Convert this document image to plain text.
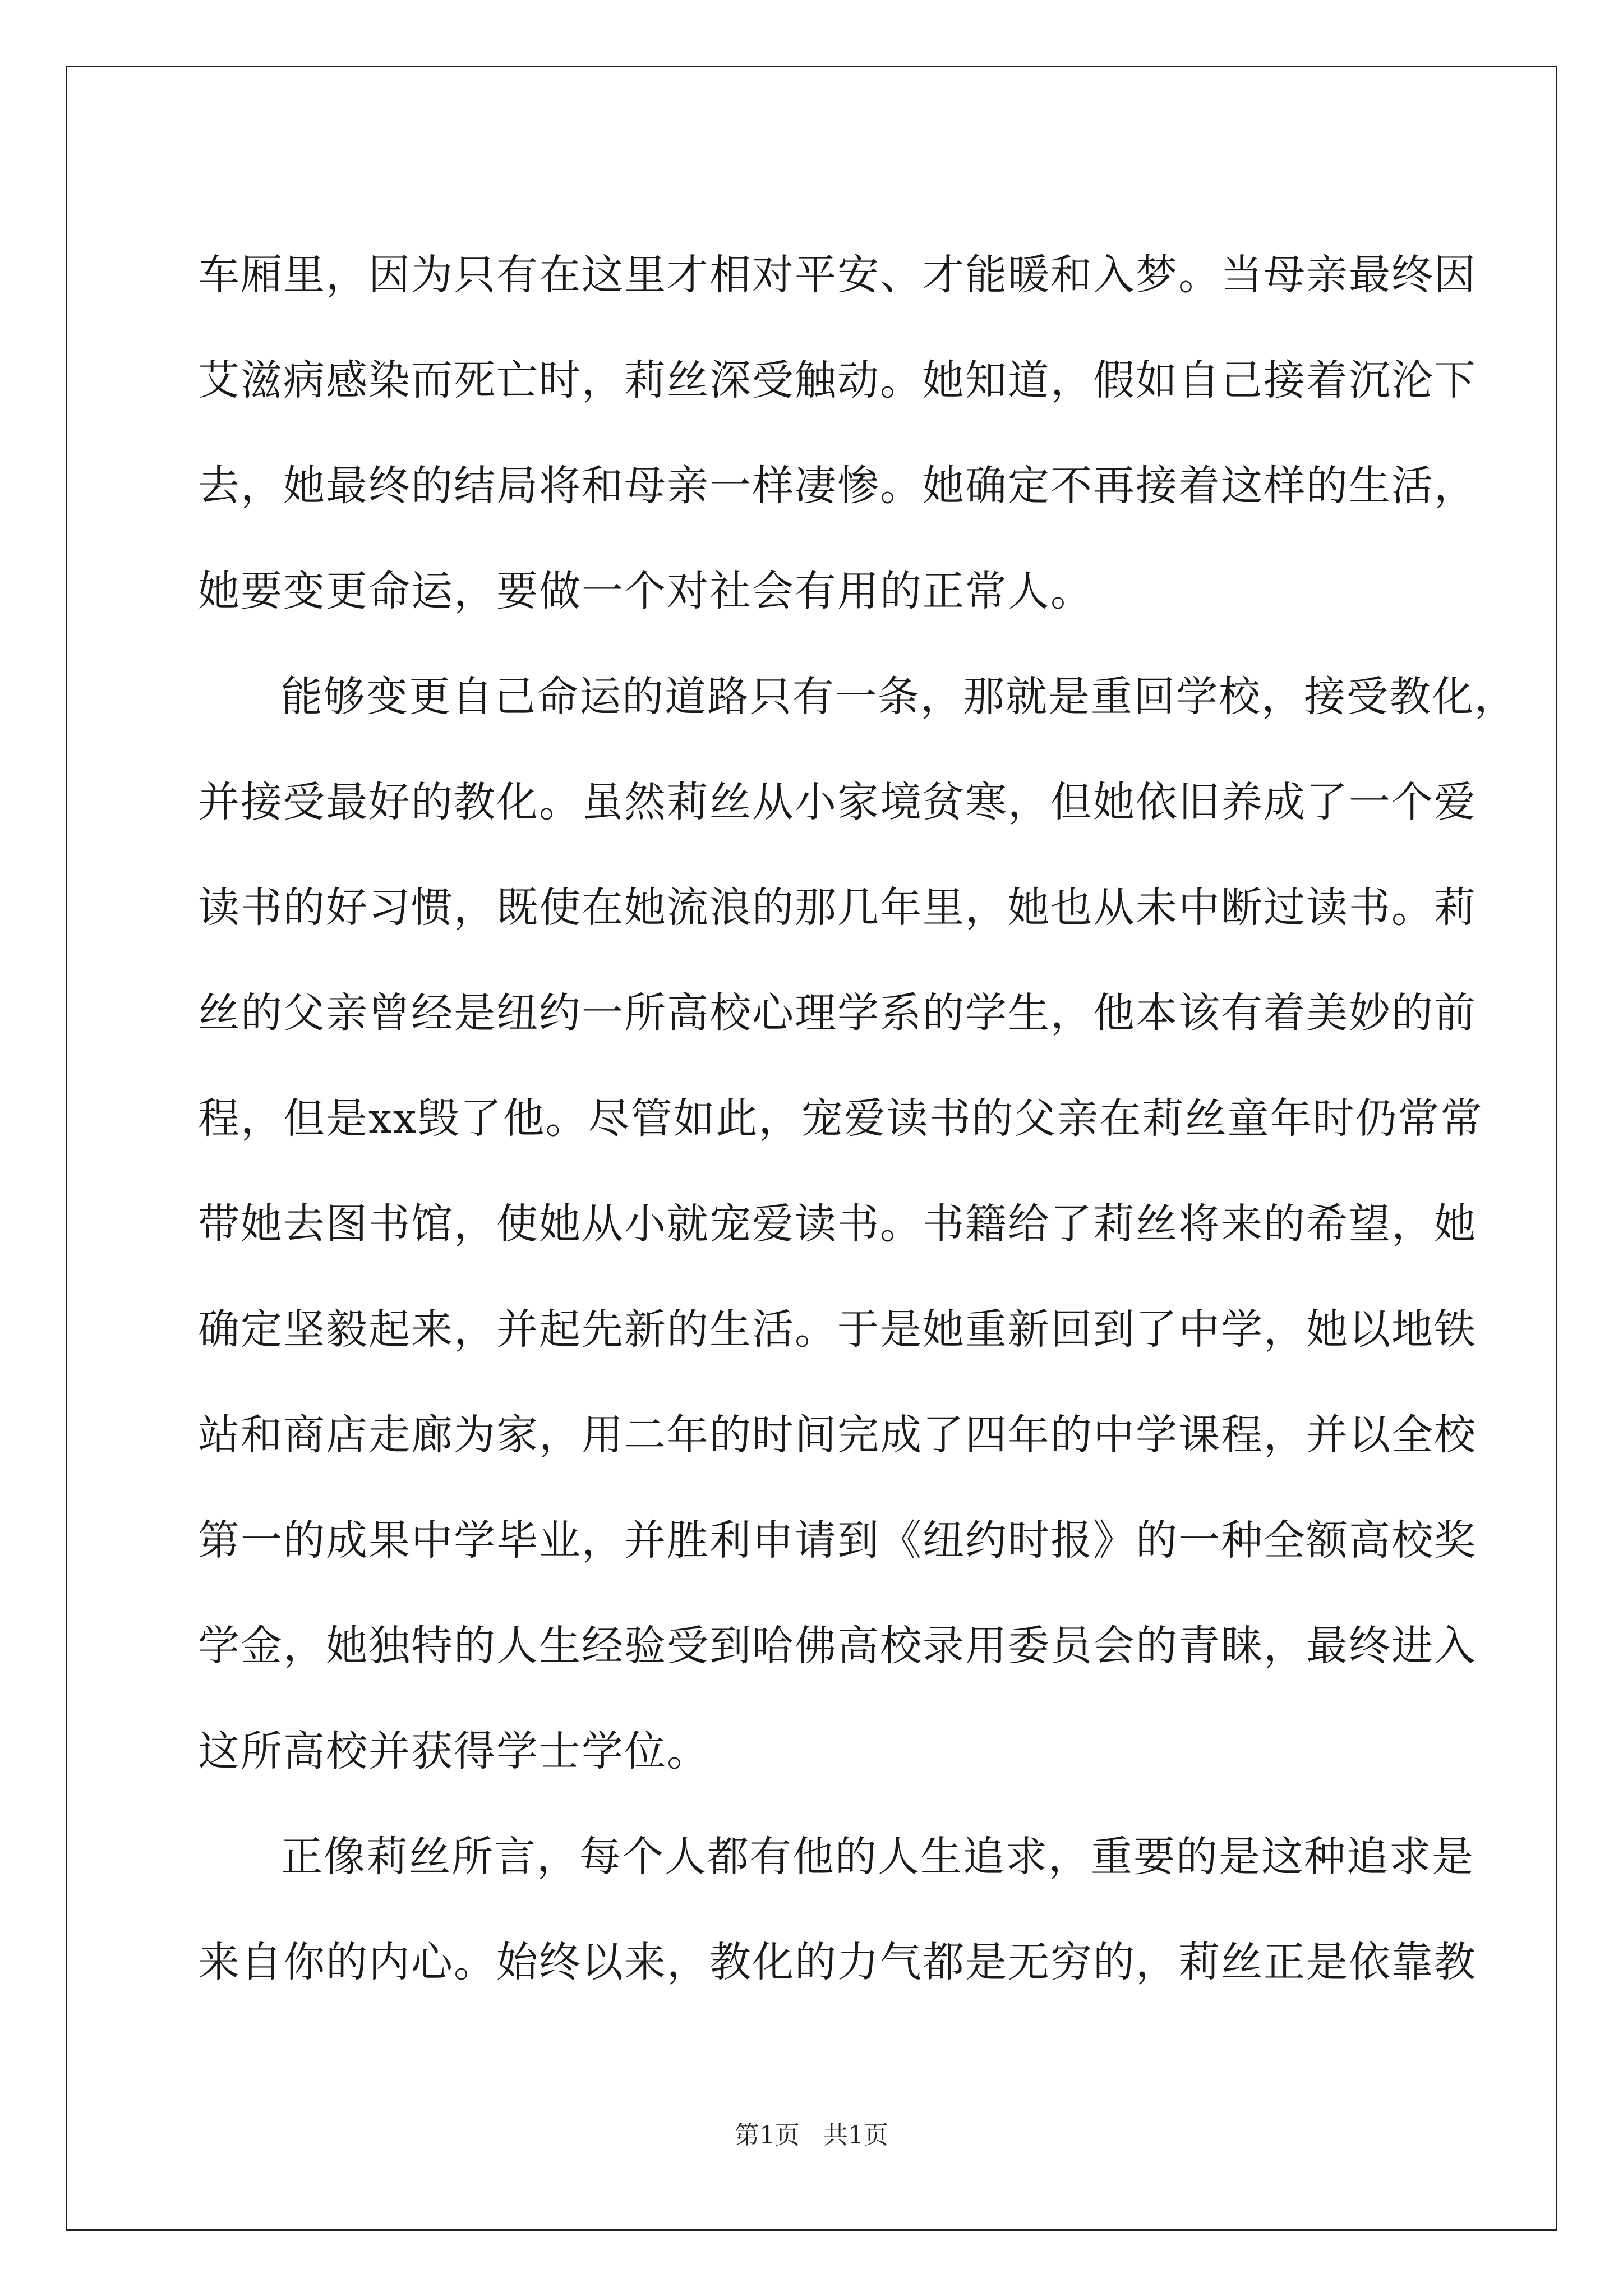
车厢里，因为只有在这里才相对平安、才能暖和入梦。当母亲最终因
艾滋病感染而死亡时，莉丝深受触动。她知道，假如自己接着沉沦下
去，她最终的结局将和母亲一样凄惨。她确定不再接着这样的生活，
她要变更命运，要做一个对社会有用的正常人。
能够变更自己命运的道路只有一条，那就是重回学校，接受教化，
并接受最好的教化。虽然莉丝从小家境贫寒，但她依旧养成了一个爱
读书的好习惯，既使在她流浪的那几年里，她也从未中断过读书。莉
丝的父亲曾经是纽约一所高校心理学系的学生，他本该有着美妙的前
程，但是xx毁了他。尽管如此，宠爱读书的父亲在莉丝童年时仍常常
带她去图书馆，使她从小就宠爱读书。书籍给了莉丝将来的希望，她
确定坚毅起来，并起先新的生活。于是她重新回到了中学，她以地铁
站和商店走廊为家，用二年的时间完成了四年的中学课程，并以全校
第一的成果中学毕业，并胜利申请到《纽约时报》的一种全额高校奖
学金，她独特的人生经验受到哈佛高校录用委员会的青睐，最终进入
这所高校并获得学士学位。
正像莉丝所言，每个人都有他的人生追求，重要的是这种追求是
来自你的内心。始终以来，教化的力气都是无穷的，莉丝正是依靠教
第1页 共1页
